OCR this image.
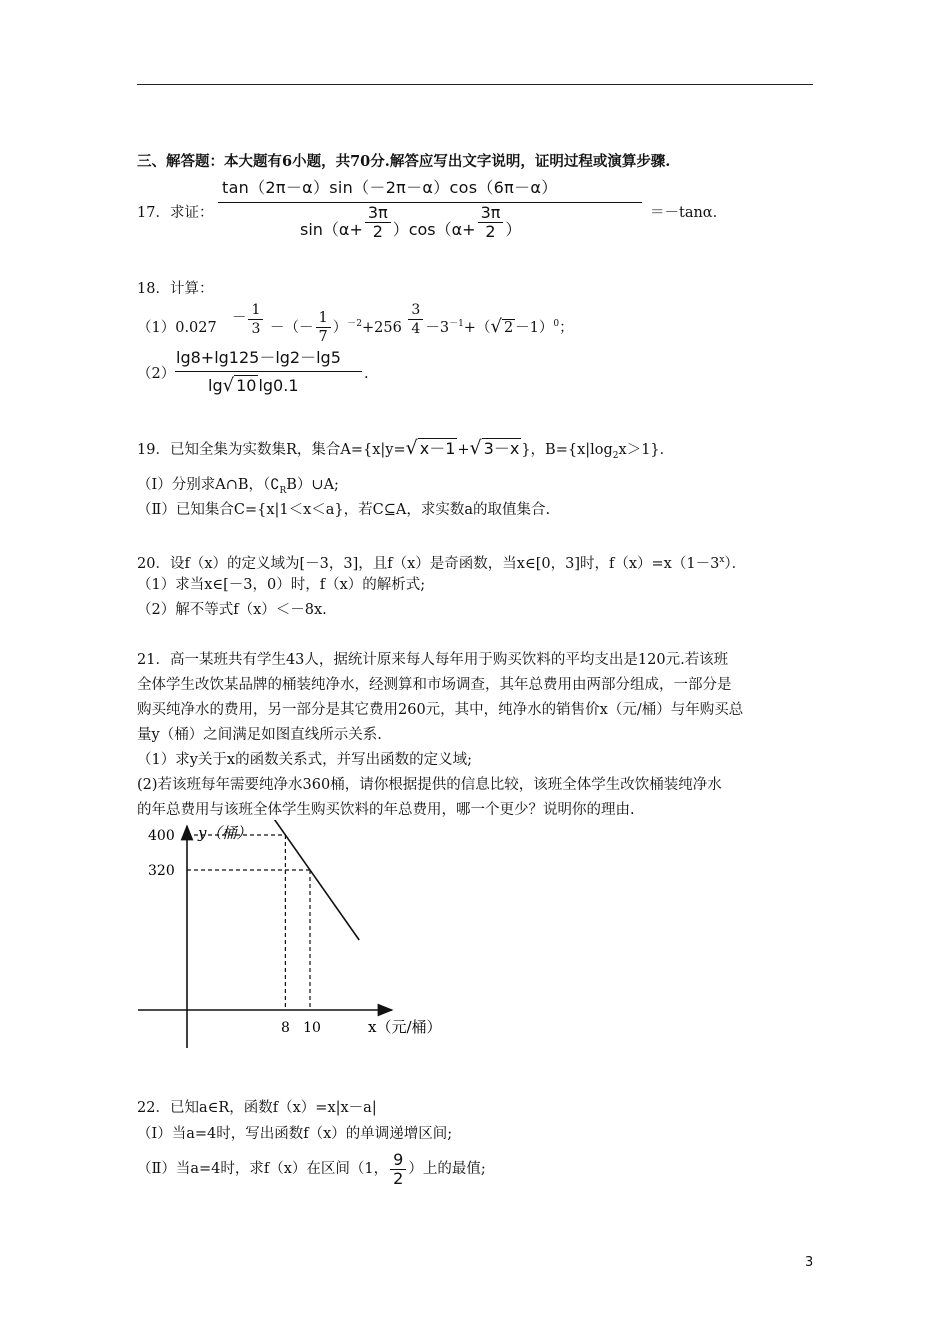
三、解答题：本大题有6小题，共70分.解答应写出文字说明，证明过程或演算步骤.
17．求证：
tan（2π－α）sin（－2π－α）cos（6π－α）
$\sin(\alpha+ \frac{3\pi}{2} )\cos(\alpha+ \frac{3\pi}{2}$ ）
＝－tanα．
18．计算：
$(1)0.027 - \frac{1}{3}$ －（－ $\frac{1}{7} )^{-2}+256 \frac{3}{4} -3^{-1}+(√$ 2 －1）$^0$；
（2）
lg8+lg125－lg2－lg5
lg√ 10 lg0.1
.
19．已知全集为实数集R，集合A={x|y=√ x－1 +√ 3－x }，$B=\{x|\log_2x>1\}$．
（Ⅰ）分别求A∩B，$(∁_RB)\cup A$;
（Ⅱ）已知集合C={x|1＜x＜a}，若C⊆A，求实数a的取值集合.
20．设f（x）的定义域为[－3，3]，且f（x）是奇函数，当x∈[0，3]时，$f(x)=x(1-3^x)$．
（1）求当x∈[－3，0）时，f（x）的解析式;
（2）解不等式f（x）＜－8x.
21．高一某班共有学生43人，据统计原来每人每年用于购买饮料的平均支出是120元.若该班
全体学生改饮某品牌的桶装纯净水，经测算和市场调查，其年总费用由两部分组成，一部分是
购买纯净水的费用，另一部分是其它费用260元，其中，纯净水的销售价x（元/桶）与年购买总
量y（桶）之间满足如图直线所示关系.
（1）求y关于x的函数关系式，并写出函数的定义域;
(2)若该班每年需要纯净水360桶，请你根据提供的信息比较，该班全体学生改饮桶装纯净水
的年总费用与该班全体学生购买饮料的年总费用，哪一个更少？说明你的理由.
400
320
8 10
y（桶）
x（元/桶）
22．已知a∈R，函数f（x）=x|x－a|
（Ⅰ）当a=4时，写出函数f（x）的单调递增区间;
（Ⅱ）当a=4时，求f（x）在区间（1， $\frac{9}{2}$ ）上的最值;
3
